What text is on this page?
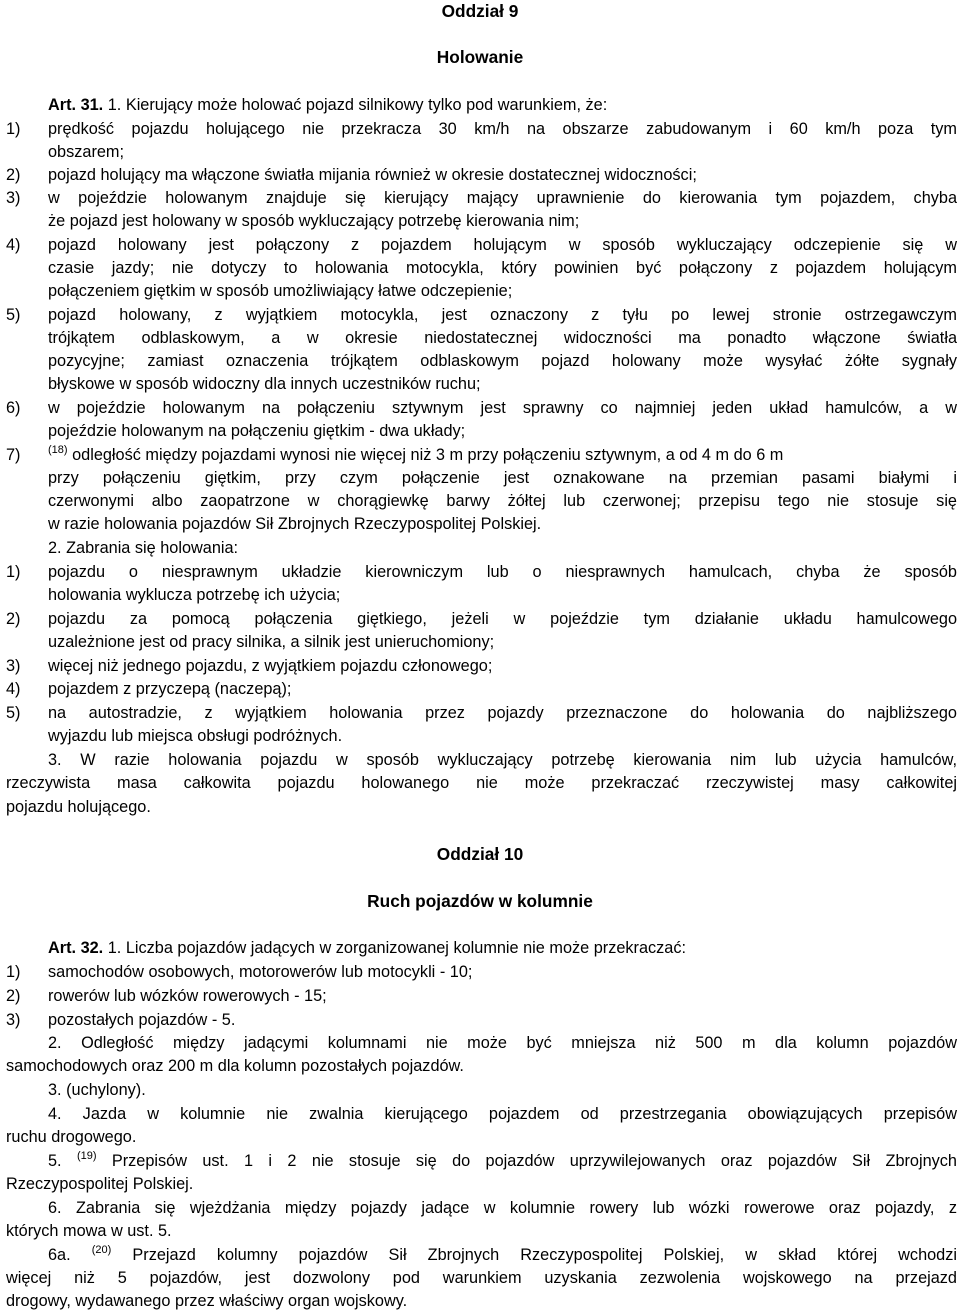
Oddział 9
Holowanie
Art. 31. 1. Kierujący może holować pojazd silnikowy tylko pod warunkiem, że:
1) prędkość pojazdu holującego nie przekracza 30 km/h na obszarze zabudowanym i 60 km/h poza tym
obszarem;
2) pojazd holujący ma włączone światła mijania również w okresie dostatecznej widoczności;
3) w pojeździe holowanym znajduje się kierujący mający uprawnienie do kierowania tym pojazdem, chyba
że pojazd jest holowany w sposób wykluczający potrzebę kierowania nim;
4) pojazd holowany jest połączony z pojazdem holującym w sposób wykluczający odczepienie się w
czasie jazdy; nie dotyczy to holowania motocykla, który powinien być połączony z pojazdem holującym
połączeniem giętkim w sposób umożliwiający łatwe odczepienie;
5) pojazd holowany, z wyjątkiem motocykla, jest oznaczony z tyłu po lewej stronie ostrzegawczym
trójkątem odblaskowym, a w okresie niedostatecznej widoczności ma ponadto włączone światła
pozycyjne; zamiast oznaczenia trójkątem odblaskowym pojazd holowany może wysyłać żółte sygnały
błyskowe w sposób widoczny dla innych uczestników ruchu;
6) w pojeździe holowanym na połączeniu sztywnym jest sprawny co najmniej jeden układ hamulców, a w
pojeździe holowanym na połączeniu giętkim - dwa układy;
7)	$^{(18)}$ odległość między pojazdami wynosi nie więcej niż 3 m przy połączeniu sztywnym, a od 4 m do 6 m
przy połączeniu giętkim, przy czym połączenie jest oznakowane na przemian pasami białymi i
czerwonymi albo zaopatrzone w chorągiewkę barwy żółtej lub czerwonej; przepisu tego nie stosuje się
w razie holowania pojazdów Sił Zbrojnych Rzeczypospolitej Polskiej.
2. Zabrania się holowania:
1) pojazdu o niesprawnym układzie kierowniczym lub o niesprawnych hamulcach, chyba że sposób
holowania wyklucza potrzebę ich użycia;
2) pojazdu za pomocą połączenia giętkiego, jeżeli w pojeździe tym działanie układu hamulcowego
uzależnione jest od pracy silnika, a silnik jest unieruchomiony;
3) więcej niż jednego pojazdu, z wyjątkiem pojazdu członowego;
4) pojazdem z przyczepą (naczepą);
5) na autostradzie, z wyjątkiem holowania przez pojazdy przeznaczone do holowania do najbliższego
wyjazdu lub miejsca obsługi podróżnych.
3. W razie holowania pojazdu w sposób wykluczający potrzebę kierowania nim lub użycia hamulców,
rzeczywista masa całkowita pojazdu holowanego nie może przekraczać rzeczywistej masy całkowitej
pojazdu holującego.
Oddział 10
Ruch pojazdów w kolumnie
Art. 32. 1. Liczba pojazdów jadących w zorganizowanej kolumnie nie może przekraczać:
1) samochodów osobowych, motorowerów lub motocykli - 10;
2) rowerów lub wózków rowerowych - 15;
3) pozostałych pojazdów - 5.
2. Odległość między jadącymi kolumnami nie może być mniejsza niż 500 m dla kolumn pojazdów
samochodowych oraz 200 m dla kolumn pozostałych pojazdów.
3. (uchylony).
4. Jazda w kolumnie nie zwalnia kierującego pojazdem od przestrzegania obowiązujących przepisów
ruchu drogowego.
5. $^{(19)}$ Przepisów ust. 1 i 2 nie stosuje się do pojazdów uprzywilejowanych oraz pojazdów Sił Zbrojnych
Rzeczypospolitej Polskiej.
6. Zabrania się wjeżdżania między pojazdy jadące w kolumnie rowery lub wózki rowerowe oraz pojazdy, z
których mowa w ust. 5.
6a. $^{(20)}$ Przejazd kolumny pojazdów Sił Zbrojnych Rzeczypospolitej Polskiej, w skład której wchodzi
więcej niż 5 pojazdów, jest dozwolony pod warunkiem uzyskania zezwolenia wojskowego na przejazd
drogowy, wydawanego przez właściwy organ wojskowy.
